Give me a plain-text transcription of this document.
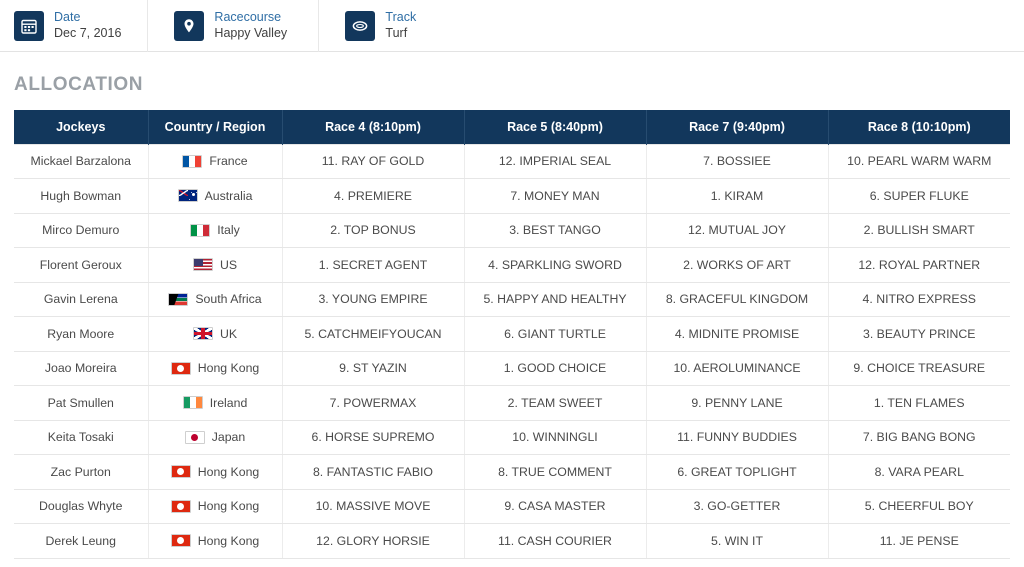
Date
Dec 7, 2016
Racecourse
Happy Valley
Track
Turf
ALLOCATION
Jockeys	Country / Region	Race 4 (8:10pm)	Race 5 (8:40pm)	Race 7 (9:40pm)	Race 8 (10:10pm)
Mickael Barzalona	France	11. RAY OF GOLD	12. IMPERIAL SEAL	7. BOSSIEE	10. PEARL WARM WARM
Hugh Bowman	Australia	4. PREMIERE	7. MONEY MAN	1. KIRAM	6. SUPER FLUKE
Mirco Demuro	Italy	2. TOP BONUS	3. BEST TANGO	12. MUTUAL JOY	2. BULLISH SMART
Florent Geroux	US	1. SECRET AGENT	4. SPARKLING SWORD	2. WORKS OF ART	12. ROYAL PARTNER
Gavin Lerena	South Africa	3. YOUNG EMPIRE	5. HAPPY AND HEALTHY	8. GRACEFUL KINGDOM	4. NITRO EXPRESS
Ryan Moore	UK	5. CATCHMEIFYOUCAN	6. GIANT TURTLE	4. MIDNITE PROMISE	3. BEAUTY PRINCE
Joao Moreira	Hong Kong	9. ST YAZIN	1. GOOD CHOICE	10. AEROLUMINANCE	9. CHOICE TREASURE
Pat Smullen	Ireland	7. POWERMAX	2. TEAM SWEET	9. PENNY LANE	1. TEN FLAMES
Keita Tosaki	Japan	6. HORSE SUPREMO	10. WINNINGLI	11. FUNNY BUDDIES	7. BIG BANG BONG
Zac Purton	Hong Kong	8. FANTASTIC FABIO	8. TRUE COMMENT	6. GREAT TOPLIGHT	8. VARA PEARL
Douglas Whyte	Hong Kong	10. MASSIVE MOVE	9. CASA MASTER	3. GO-GETTER	5. CHEERFUL BOY
Derek Leung	Hong Kong	12. GLORY HORSIE	11. CASH COURIER	5. WIN IT	11. JE PENSE
